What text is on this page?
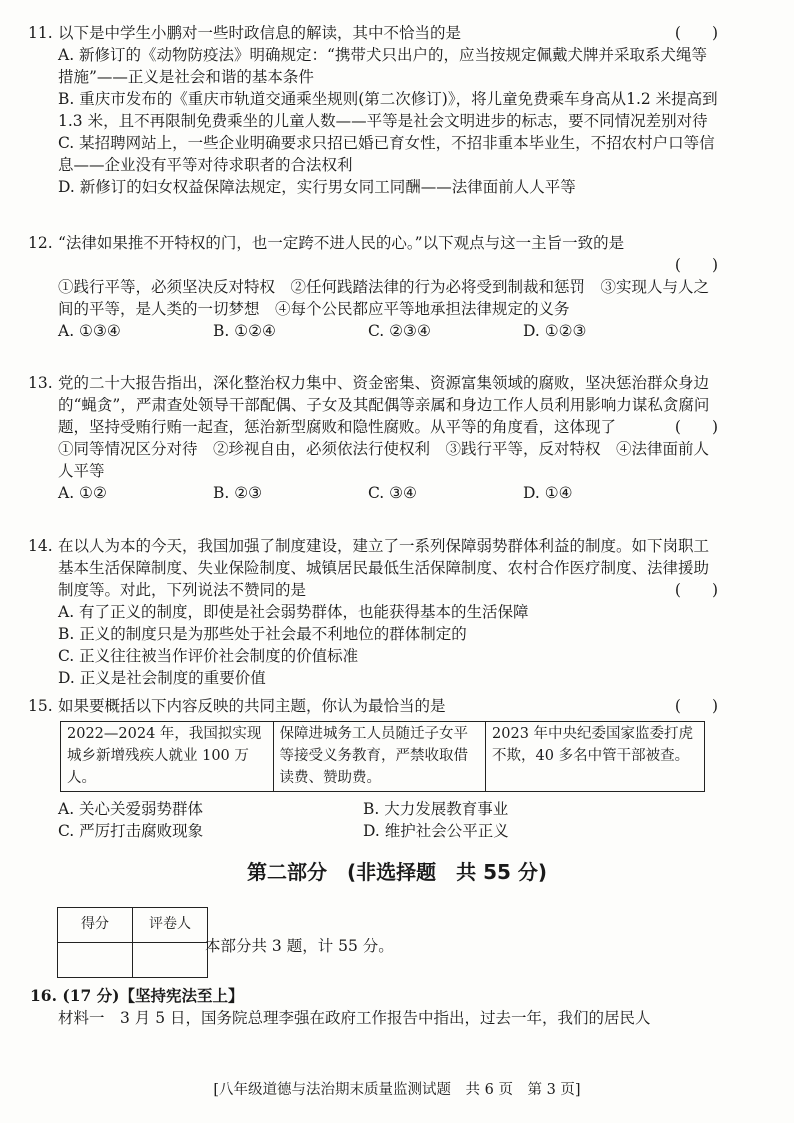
11. 以下是中学生小鹏对一些时政信息的解读，其中不恰当的是	(　　)
A. 新修订的《动物防疫法》明确规定：“携带犬只出户的，应当按规定佩戴犬牌并采取系犬绳等措施”——正义是社会和谐的基本条件
B. 重庆市发布的《重庆市轨道交通乘坐规则(第二次修订)》，将儿童免费乘车身高从1.2 米提高到 1.3 米，且不再限制免费乘坐的儿童人数——平等是社会文明进步的标志，要不同情况差别对待
C. 某招聘网站上，一些企业明确要求只招已婚已育女性，不招非重本毕业生，不招农村户口等信息——企业没有平等对待求职者的合法权利
D. 新修订的妇女权益保障法规定，实行男女同工同酬——法律面前人人平等
12. “法律如果推不开特权的门，也一定跨不进人民的心。”以下观点与这一主旨一致的是
(　　)
①践行平等，必须坚决反对特权　②任何践踏法律的行为必将受到制裁和惩罚　③实现人与人之间的平等，是人类的一切梦想　④每个公民都应平等地承担法律规定的义务
A. ①③④	B. ①②④	C. ②③④	D. ①②③
13. 党的二十大报告指出，深化整治权力集中、资金密集、资源富集领域的腐败，坚决惩治群众身边的“蝇贪”，严肃查处领导干部配偶、子女及其配偶等亲属和身边工作人员利用影响力谋私贪腐问题，坚持受贿行贿一起查，惩治新型腐败和隐性腐败。从平等的角度看，这体现了	(　　)
①同等情况区分对待　②珍视自由，必须依法行使权利　③践行平等，反对特权　④法律面前人人平等
A. ①②	B. ②③	C. ③④	D. ①④
14. 在以人为本的今天，我国加强了制度建设，建立了一系列保障弱势群体利益的制度。如下岗职工基本生活保障制度、失业保险制度、城镇居民最低生活保障制度、农村合作医疗制度、法律援助制度等。对此，下列说法不赞同的是	(　　)
A. 有了正义的制度，即使是社会弱势群体，也能获得基本的生活保障
B. 正义的制度只是为那些处于社会最不利地位的群体制定的
C. 正义往往被当作评价社会制度的价值标准
D. 正义是社会制度的重要价值
15. 如果要概括以下内容反映的共同主题，你认为最恰当的是	(　　)
2022—2024 年，我国拟实现城乡新增残疾人就业 100 万人。	保障进城务工人员随迁子女平等接受义务教育，严禁收取借读费、赞助费。	2023 年中央纪委国家监委打虎不欺，40 多名中管干部被查。
A. 关心关爱弱势群体	B. 大力发展教育事业
C. 严厉打击腐败现象	D. 维护社会公平正义
第二部分　(非选择题　共 55 分)
得分	评卷人

本部分共 3 题，计 55 分。
16. (17 分)【坚持宪法至上】
材料一　3 月 5 日，国务院总理李强在政府工作报告中指出，过去一年，我们的居民人
[八年级道德与法治期末质量监测试题　共 6 页　第 3 页]
